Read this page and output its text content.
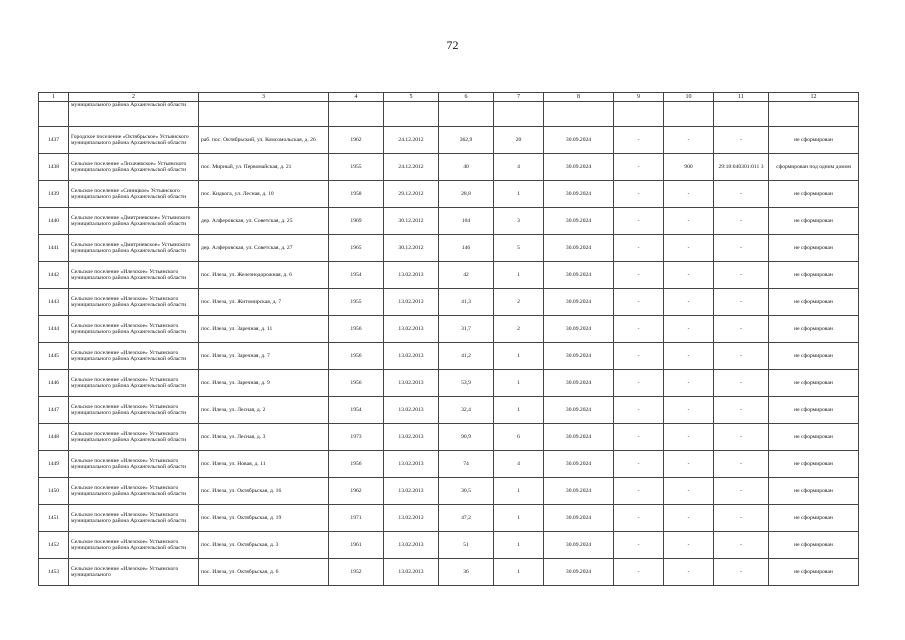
72
1	2	3	4	5	6	7	8	9	10	11	12
	муниципального района Архангельской области										
1437	Городское поселение «Октябрьское» Устьянского муниципального района Архангельской области	раб. пос. Октябрьский, ул. Комсомольская, д. 26	1962	24.12.2012	362,9	20	30.09.2024	-	-	-	не сформирован
1438	Сельское поселение «Лихачевское» Устьянского муниципального района Архангельской области	пос. Мирный, ул. Первомайская, д. 21	1955	24.12.2012	40	4	30.09.2024	-	900	29:18:040301:011 3	сформирован под одним домом
1439	Сельское поселение «Синицкое» Устьянского муниципального района Архангельской области	пос. Кидкога, ул. Лесная, д. 10	1958	29.12.2012	28,8	1	30.09.2024	-	-	-	не сформирован
1440	Сельское поселение «Дмитриевское» Устьянского муниципального района Архангельской области	дер. Алферовская, ул. Советская, д. 25	1969	30.12.2012	104	3	30.09.2024	-	-	-	не сформирован
1441	Сельское поселение «Дмитриевское» Устьянского муниципального района Архангельской области	дер. Алферовская, ул. Советская, д. 27	1965	30.12.2012	146	5	30.09.2024	-	-	-	не сформирован
1442	Сельское поселение «Илезское» Устьянского муниципального района Архангельской области	пос. Илеза, ул. Железнодорожная, д. 6	1954	13.02.2013	42	1	30.09.2024	-	-	-	не сформирован
1443	Сельское поселение «Илезское» Устьянского муниципального района Архангельской области	пос. Илеза, ул. Житомирская, д. 7	1955	13.02.2013	41,3	2	30.09.2024	-	-	-	не сформирован
1444	Сельское поселение «Илезское» Устьянского муниципального района Архангельской области	пос. Илеза, ул. Заречная, д. 11	1956	13.02.2013	31,7	2	30.09.2024	-	-	-	не сформирован
1445	Сельское поселение «Илезское» Устьянского муниципального района Архангельской области	пос. Илеза, ул. Заречная, д. 7	1956	13.02.2013	41,2	1	30.09.2024	-	-	-	не сформирован
1446	Сельское поселение «Илезское» Устьянского муниципального района Архангельской области	пос. Илеза, ул. Заречная, д. 9	1956	13.02.2013	53,9	1	30.09.2024	-	-	-	не сформирован
1447	Сельское поселение «Илезское» Устьянского муниципального района Архангельской области	пос. Илеза, ул. Лесная, д. 2	1954	13.02.2013	32,4	1	30.09.2024	-	-	-	не сформирован
1448	Сельское поселение «Илезское» Устьянского муниципального района Архангельской области	пос. Илеза, ул. Лесная, д. 3	1973	13.02.2013	90,9	6	30.09.2024	-	-	-	не сформирован
1449	Сельское поселение «Илезское» Устьянского муниципального района Архангельской области	пос. Илеза, ул. Новая, д. 11	1956	13.02.2013	74	4	30.09.2024	-	-	-	не сформирован
1450	Сельское поселение «Илезское» Устьянского муниципального района Архангельской области	пос. Илеза, ул. Октябрьская, д. 16	1962	13.02.2013	30,5	1	30.09.2024	-	-	-	не сформирован
1451	Сельское поселение «Илезское» Устьянского муниципального района Архангельской области	пос. Илеза, ул. Октябрьская, д. 19	1971	13.02.2013	47,2	1	30.09.2024	-	-	-	не сформирован
1452	Сельское поселение «Илезское» Устьянского муниципального района Архангельской области	пос. Илеза, ул. Октябрьская, д. 3	1961	13.02.2013	51	1	30.09.2024	-	-	-	не сформирован
1453	Сельское поселение «Илезское» Устьянского муниципального	пос. Илеза, ул. Октябрьская, д. 6	1952	13.02.2013	36	1	30.09.2024	-	-	-	не сформирован
